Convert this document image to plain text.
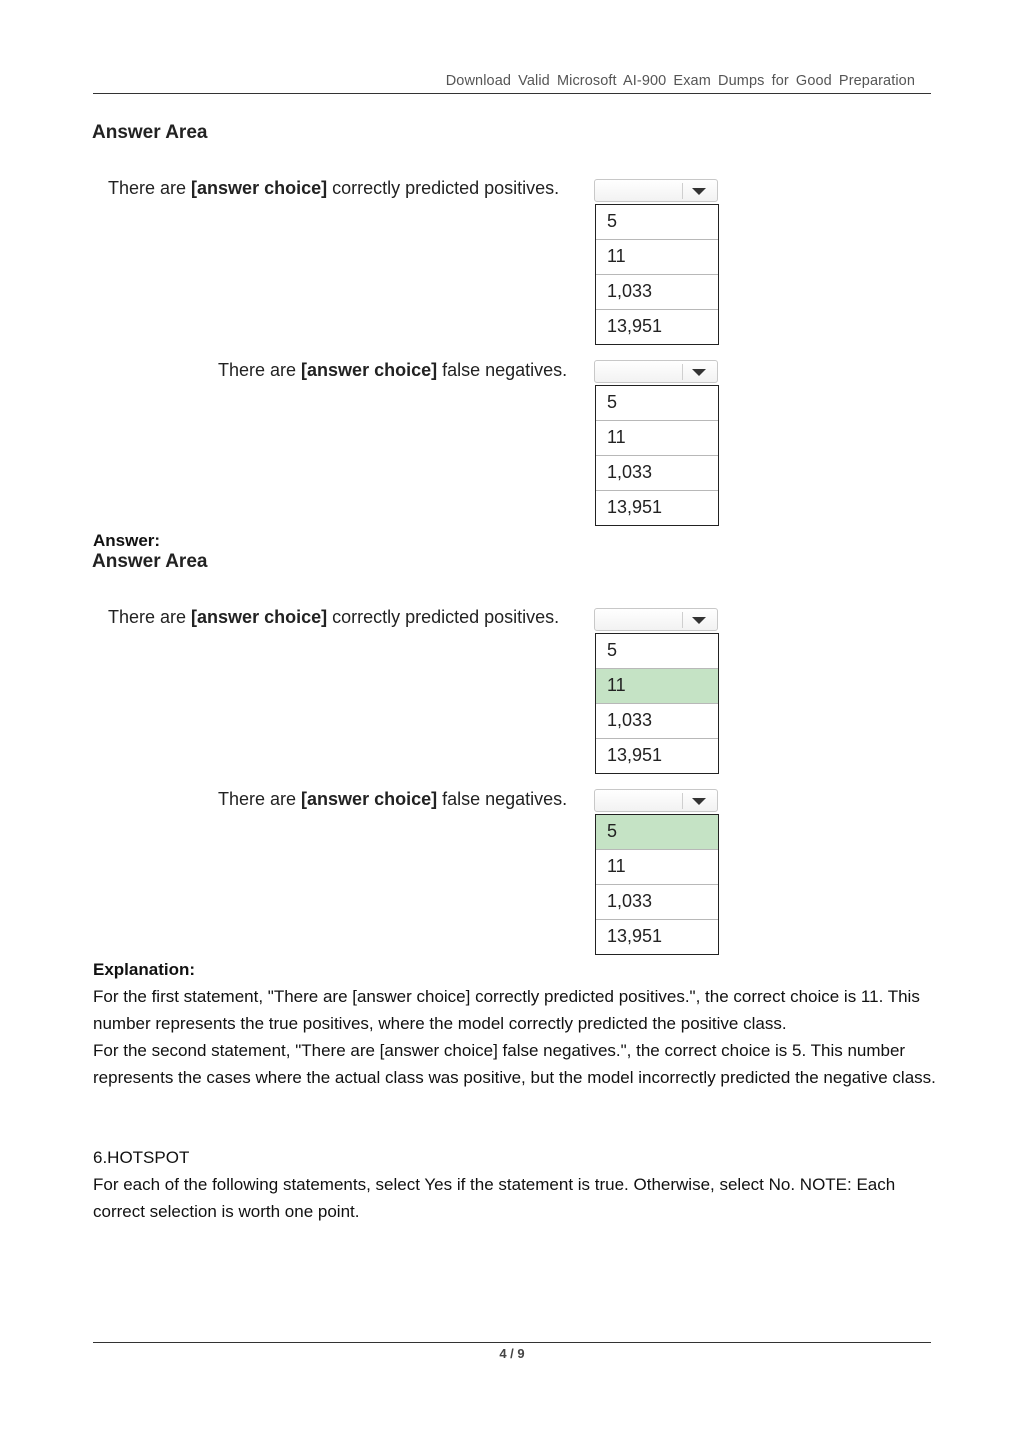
Download Valid Microsoft AI-900 Exam Dumps for Good Preparation
Answer Area
There are [answer choice] correctly predicted positives.
5
11
1,033
13,951
There are [answer choice] false negatives.
5
11
1,033
13,951
Answer:
Answer Area
There are [answer choice] correctly predicted positives.
5
11
1,033
13,951
There are [answer choice] false negatives.
5
11
1,033
13,951
Explanation:

For the first statement, "There are [answer choice] correctly predicted positives.", the correct choice is 11. This number represents the true positives, where the model correctly predicted the positive class.

For the second statement, "There are [answer choice] false negatives.", the correct choice is 5. This number represents the cases where the actual class was positive, but the model incorrectly predicted the negative class.

6.HOTSPOT

For each of the following statements, select Yes if the statement is true. Otherwise, select No. NOTE: Each correct selection is worth one point.

4 / 9
